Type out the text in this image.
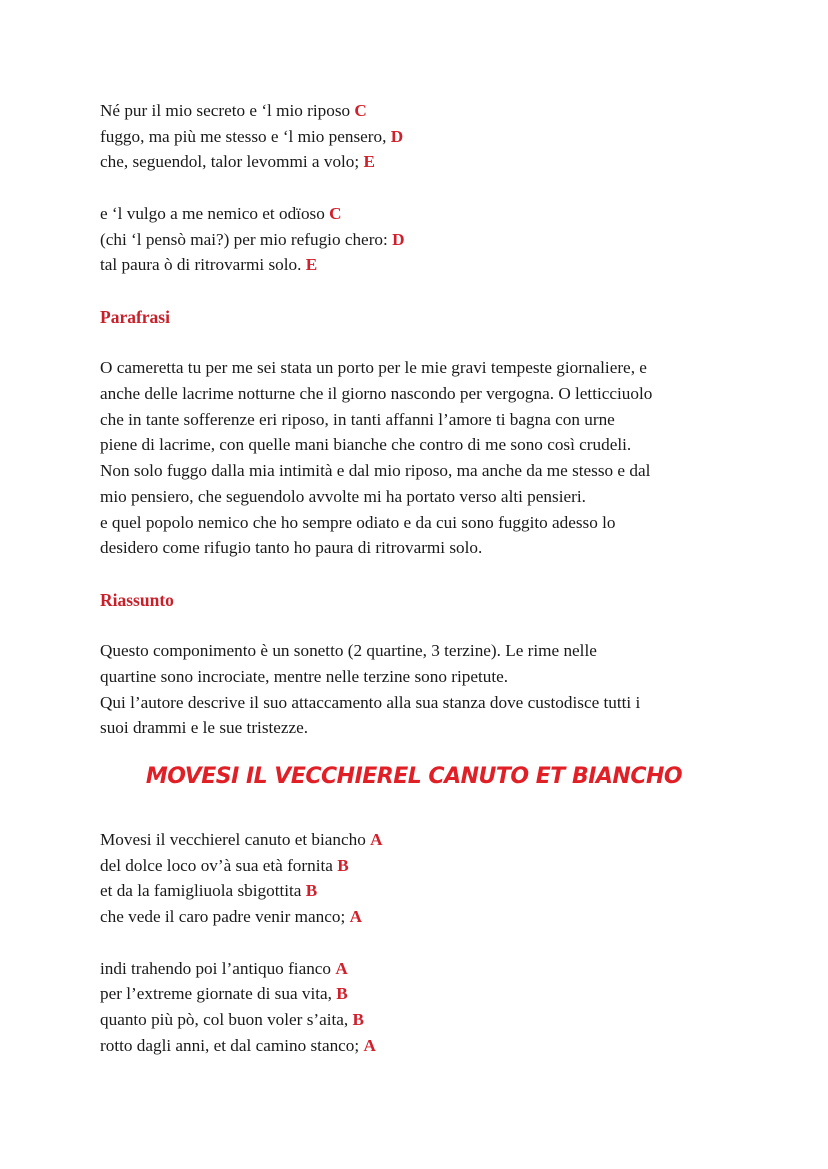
Né pur il mio secreto e ‘l mio riposo C
fuggo, ma più me stesso e ‘l mio pensero, D
che, seguendol, talor levommi a volo; E
e ‘l vulgo a me nemico et odïoso C
(chi ‘l pensò mai?) per mio refugio chero: D
tal paura ò di ritrovarmi solo. E
Parafrasi
O cameretta tu per me sei stata un porto per le mie gravi tempeste giornaliere, e
anche delle lacrime notturne che il giorno nascondo per vergogna. O letticciuolo
che in tante sofferenze eri riposo, in tanti affanni l’amore ti bagna con urne
piene di lacrime, con quelle mani bianche che contro di me sono così crudeli.
Non solo fuggo dalla mia intimità e dal mio riposo, ma anche da me stesso e dal
mio pensiero, che seguendolo avvolte mi ha portato verso alti pensieri.
e quel popolo nemico che ho sempre odiato e da cui sono fuggito adesso lo
desidero come rifugio tanto ho paura di ritrovarmi solo.
Riassunto
Questo componimento è un sonetto (2 quartine, 3 terzine). Le rime nelle
quartine sono incrociate, mentre nelle terzine sono ripetute.
Qui l’autore descrive il suo attaccamento alla sua stanza dove custodisce tutti i
suoi drammi e le sue tristezze.
MOVESI IL VECCHIEREL CANUTO ET BIANCHO
Movesi il vecchierel canuto et biancho A
del dolce loco ov’à sua età fornita B
et da la famigliuola sbigottita B
che vede il caro padre venir manco; A
indi trahendo poi l’antiquo fianco A
per l’extreme giornate di sua vita, B
quanto più pò, col buon voler s’aita, B
rotto dagli anni, et dal camino stanco; A
